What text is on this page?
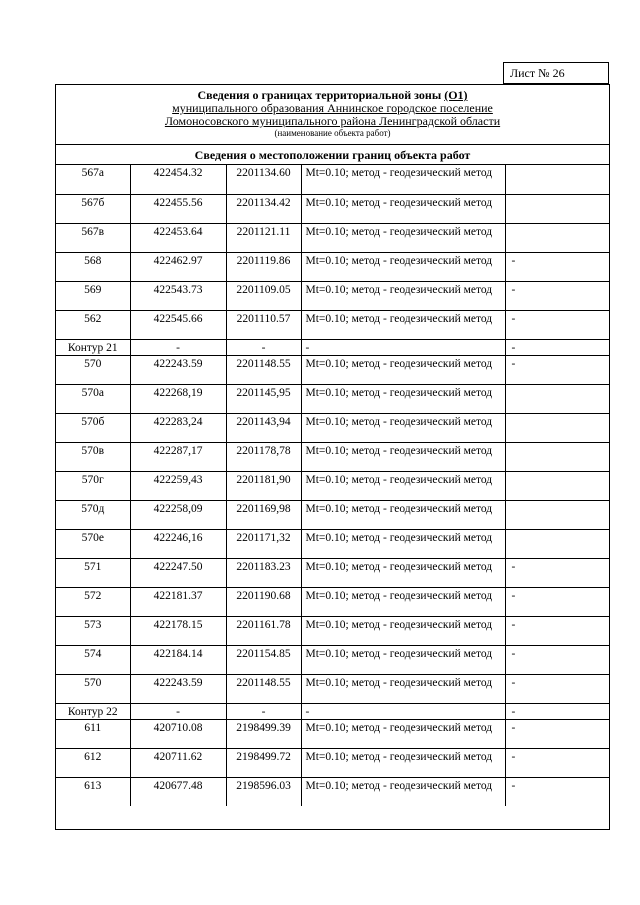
Лист № 26
Сведения о границах территориальной зоны (О1)
муниципального образования Аннинское городское поселение
Ломоносовского муниципального района Ленинградской области
(наименование объекта работ)
Сведения о местоположении границ объекта работ
567а	422454.32	2201134.60	Mt=0.10; метод - геодезический метод	
567б	422455.56	2201134.42	Mt=0.10; метод - геодезический метод	
567в	422453.64	2201121.11	Mt=0.10; метод - геодезический метод	
568	422462.97	2201119.86	Mt=0.10; метод - геодезический метод	-
569	422543.73	2201109.05	Mt=0.10; метод - геодезический метод	-
562	422545.66	2201110.57	Mt=0.10; метод - геодезический метод	-
Контур 21	-	-	-	-
570	422243.59	2201148.55	Mt=0.10; метод - геодезический метод	-
570а	422268,19	2201145,95	Mt=0.10; метод - геодезический метод	
570б	422283,24	2201143,94	Mt=0.10; метод - геодезический метод	
570в	422287,17	2201178,78	Mt=0.10; метод - геодезический метод	
570г	422259,43	2201181,90	Mt=0.10; метод - геодезический метод	
570д	422258,09	2201169,98	Mt=0.10; метод - геодезический метод	
570е	422246,16	2201171,32	Mt=0.10; метод - геодезический метод	
571	422247.50	2201183.23	Mt=0.10; метод - геодезический метод	-
572	422181.37	2201190.68	Mt=0.10; метод - геодезический метод	-
573	422178.15	2201161.78	Mt=0.10; метод - геодезический метод	-
574	422184.14	2201154.85	Mt=0.10; метод - геодезический метод	-
570	422243.59	2201148.55	Mt=0.10; метод - геодезический метод	-
Контур 22	-	-	-	-
611	420710.08	2198499.39	Mt=0.10; метод - геодезический метод	-
612	420711.62	2198499.72	Mt=0.10; метод - геодезический метод	-
613	420677.48	2198596.03	Mt=0.10; метод - геодезический метод	-
